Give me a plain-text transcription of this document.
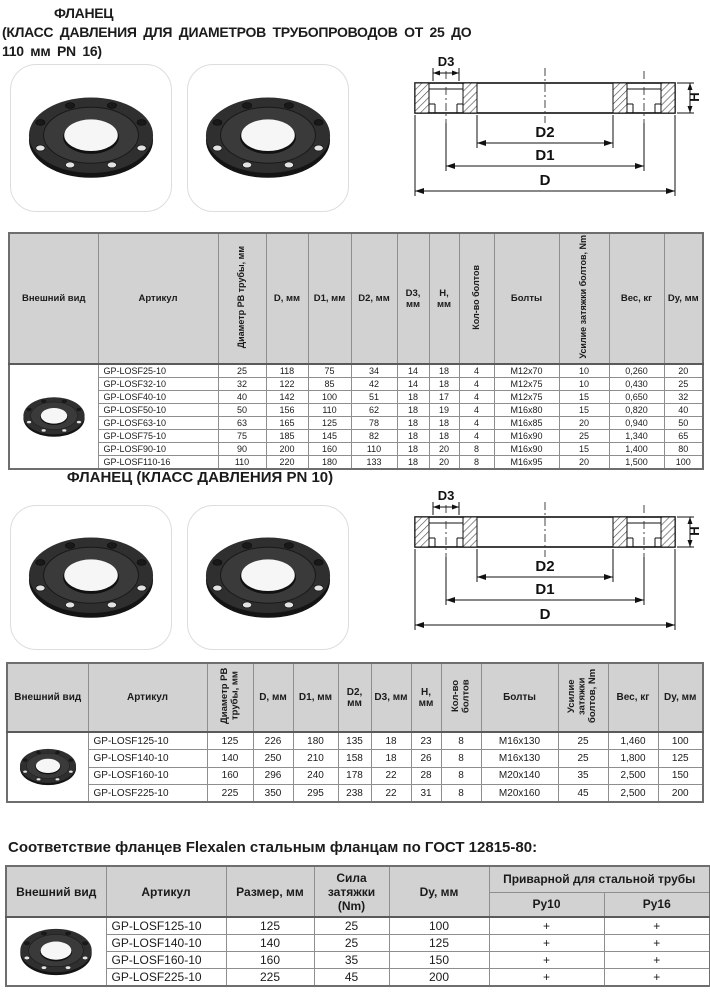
ФЛАНЕЦ
(КЛАСС ДАВЛЕНИЯ ДЛЯ ДИАМЕТРОВ ТРУБОПРОВОДОВ ОТ 25 ДО 110 мм PN 16)
D3
H
D2
D1
D
Внешний вид	Артикул	Диаметр РВ трубы, мм	D, мм	D1, мм	D2, мм	D3, мм	H, мм	Кол-во болтов	Болты	Усилие затяжки болтов, Nm	Вес, кг	Dy, мм

	GP-LOSF25-10	25	118	75	34	14	18	4	M12x70	10	0,260	20
	GP-LOSF32-10	32	122	85	42	14	18	4	M12x75	10	0,430	25
	GP-LOSF40-10	40	142	100	51	18	17	4	M12x75	15	0,650	32
	GP-LOSF50-10	50	156	110	62	18	19	4	M16x80	15	0,820	40
	GP-LOSF63-10	63	165	125	78	18	18	4	M16x85	20	0,940	50
	GP-LOSF75-10	75	185	145	82	18	18	4	M16x90	25	1,340	65
	GP-LOSF90-10	90	200	160	110	18	20	8	M16x90	15	1,400	80
	GP-LOSF110-16	110	220	180	133	18	20	8	M16x95	20	1,500	100
ФЛАНЕЦ (КЛАСС ДАВЛЕНИЯ PN 10)
D3
H
D2
D1
D
Внешний вид	Артикул	Диаметр РВ трубы, мм	D, мм	D1, мм	D2, мм	D3, мм	H, мм	Кол-во болтов	Болты	Усилие затяжки болтов, Nm	Вес, кг	Dy, мм

	GP-LOSF125-10	125	226	180	135	18	23	8	M16x130	25	1,460	100
	GP-LOSF140-10	140	250	210	158	18	26	8	M16x130	25	1,800	125
	GP-LOSF160-10	160	296	240	178	22	28	8	M20x140	35	2,500	150
	GP-LOSF225-10	225	350	295	238	22	31	8	M20x160	45	2,500	200
Соответствие фланцев Flexalen стальным фланцам по ГОСТ 12815-80:
Внешний вид	Артикул	Размер, мм	Сила затяжки (Nm)	Dy, мм	Приварной для стальной трубы	
					Ру10	Ру16

	GP-LOSF125-10	125	25	100	+	+
	GP-LOSF140-10	140	25	125	+	+
	GP-LOSF160-10	160	35	150	+	+
	GP-LOSF225-10	225	45	200	+	+
